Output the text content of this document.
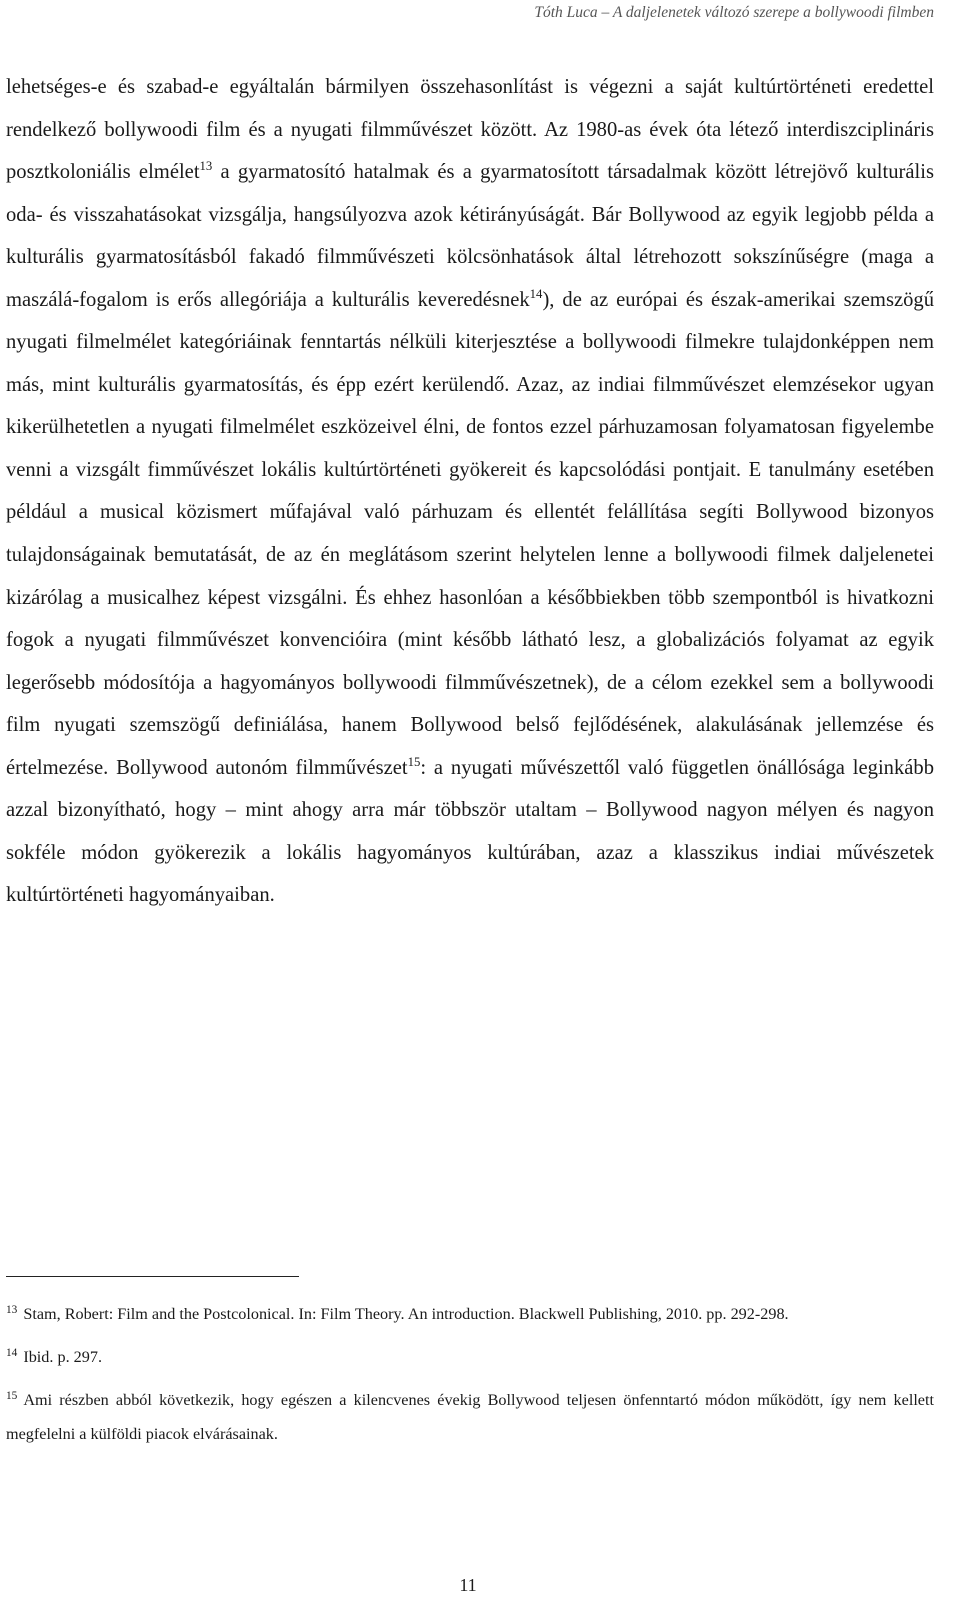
Tóth Luca – A daljelenetek változó szerepe a bollywoodi filmben

lehetséges-e és szabad-e egyáltalán bármilyen összehasonlítást is végezni a saját kultúrtörténeti eredettel rendelkező bollywoodi film és a nyugati filmművészet között. Az 1980-as évek óta létező interdiszciplináris posztkoloniális elmélet$^{13}$ a gyarmatosító hatalmak és a gyarmatosított társadalmak között létrejövő kulturális oda- és visszahatásokat vizsgálja, hangsúlyozva azok kétirányúságát. Bár Bollywood az egyik legjobb példa a kulturális gyarmatosításból fakadó filmművészeti kölcsönhatások által létrehozott sokszínűségre (maga a maszálá-fogalom is erős allegóriája a kulturális keveredésnek$^{14}$), de az európai és észak-amerikai szemszögű nyugati filmelmélet kategóriáinak fenntartás nélküli kiterjesztése a bollywoodi filmekre tulajdonképpen nem más, mint kulturális gyarmatosítás, és épp ezért kerülendő. Azaz, az indiai filmművészet elemzésekor ugyan kikerülhetetlen a nyugati filmelmélet eszközeivel élni, de fontos ezzel párhuzamosan folyamatosan figyelembe venni a vizsgált fimművészet lokális kultúrtörténeti gyökereit és kapcsolódási pontjait. E tanulmány esetében például a musical közismert műfajával való párhuzam és ellentét felállítása segíti Bollywood bizonyos tulajdonságainak bemutatását, de az én meglátásom szerint helytelen lenne a bollywoodi filmek daljelenetei kizárólag a musicalhez képest vizsgálni. És ehhez hasonlóan a későbbiekben több szempontból is hivatkozni fogok a nyugati filmművészet konvencióira (mint később látható lesz, a globalizációs folyamat az egyik legerősebb módosítója a hagyományos bollywoodi filmművészetnek), de a célom ezekkel sem a bollywoodi film nyugati szemszögű definiálása, hanem Bollywood belső fejlődésének, alakulásának jellemzése és értelmezése. Bollywood autonóm filmművészet$^{15}$: a nyugati művészettől való független önállósága leginkább azzal bizonyítható, hogy – mint ahogy arra már többször utaltam – Bollywood nagyon mélyen és nagyon sokféle módon gyökerezik a lokális hagyományos kultúrában, azaz a klasszikus indiai művészetek kultúrtörténeti hagyományaiban.

$^{13}$ Stam, Robert: Film and the Postcolonical. In: Film Theory. An introduction. Blackwell Publishing, 2010. pp. 292-298.

$^{14}$ Ibid. p. 297.

$^{15}$ Ami részben abból következik, hogy egészen a kilencvenes évekig Bollywood teljesen önfenntartó módon működött, így nem kellett megfelelni a külföldi piacok elvárásainak.

11
